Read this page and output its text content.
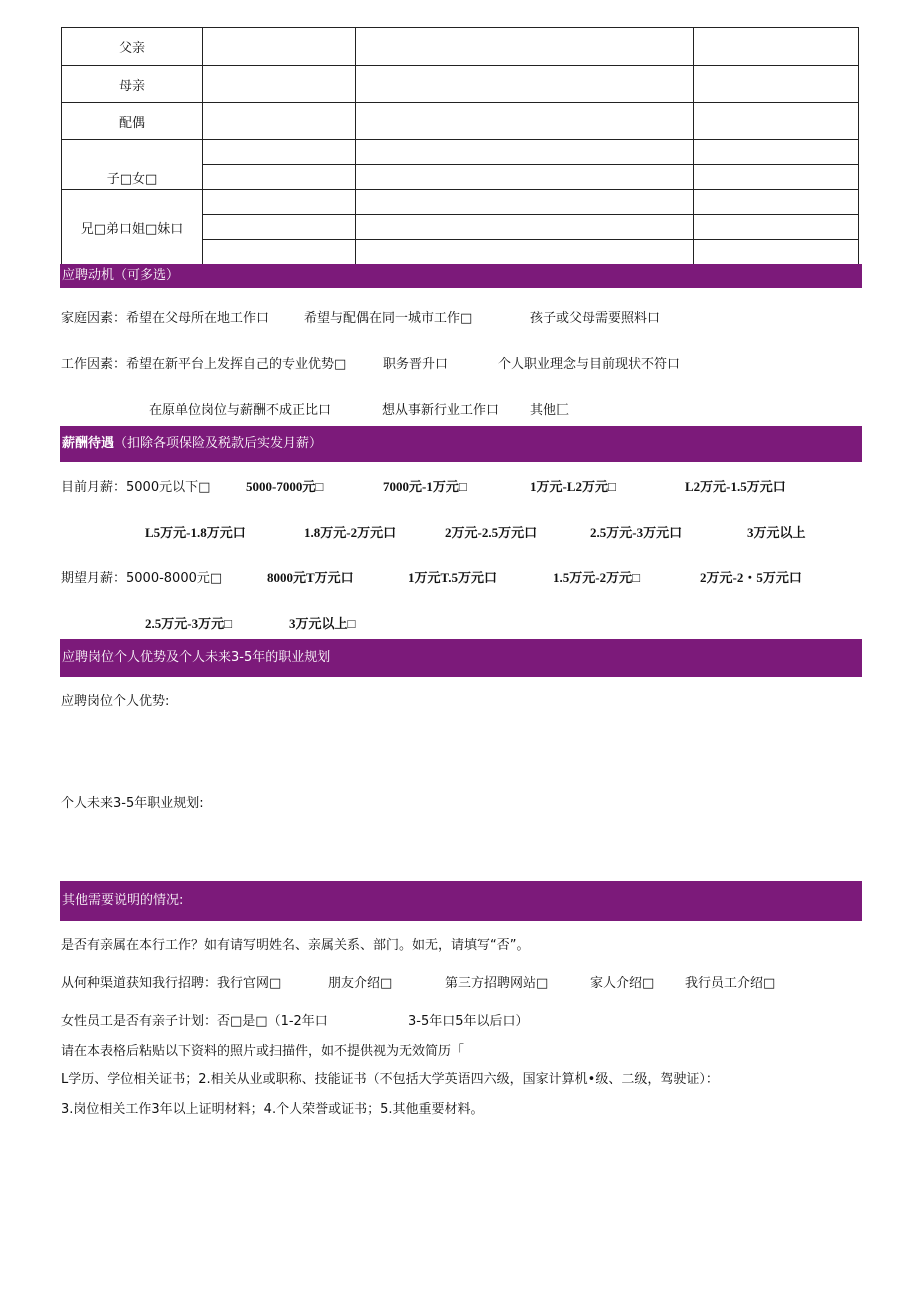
父亲			
母亲			
配偶			
子□女□			

兄□弟口姐□妹口			

应聘动机（可多选）
家庭因素：希望在父母所在地工作口	希望与配偶在同一城市工作□	孩子或父母需要照料口
工作因素：希望在新平台上发挥自己的专业优势□	职务晋升口	个人职业理念与目前现状不符口
在原单位岗位与薪酬不成正比口	想从事新行业工作口 其他匚
薪酬待遇（扣除各项保险及税款后实发月薪）
目前月薪：5000元以下□	5000-7000元□	7000元-1万元□	1万元-L2万元□	L2万元-1.5万元口
L5万元-1.8万元口	1.8万元-2万元口	2万元-2.5万元口	2.5万元-3万元口	3万元以上
期望月薪：5000-8000元□	8000元T万元口	1万元T.5万元口	1.5万元-2万元□	2万元-2・5万元口
2.5万元-3万元□	3万元以上□
应聘岗位个人优势及个人未来3-5年的职业规划
应聘岗位个人优势:
个人未来3-5年职业规划:
其他需要说明的情况:
是否有亲属在本行工作？如有请写明姓名、亲属关系、部门。如无，请填写“否”。
从何种渠道获知我行招聘：我行官网□	朋友介绍□	第三方招聘网站□	家人介绍□ 我行员工介绍□
女性员工是否有亲子计划：否□是□（1-2年口	3-5年口5年以后口）
请在本表格后粘贴以下资料的照片或扫描件，如不提供视为无效简历「
L学历、学位相关证书；2.相关从业或职称、技能证书（不包括大学英语四六级，国家计算机•级、二级，驾驶证）：
3.岗位相关工作3年以上证明材料；4.个人荣誉或证书；5.其他重要材料。
